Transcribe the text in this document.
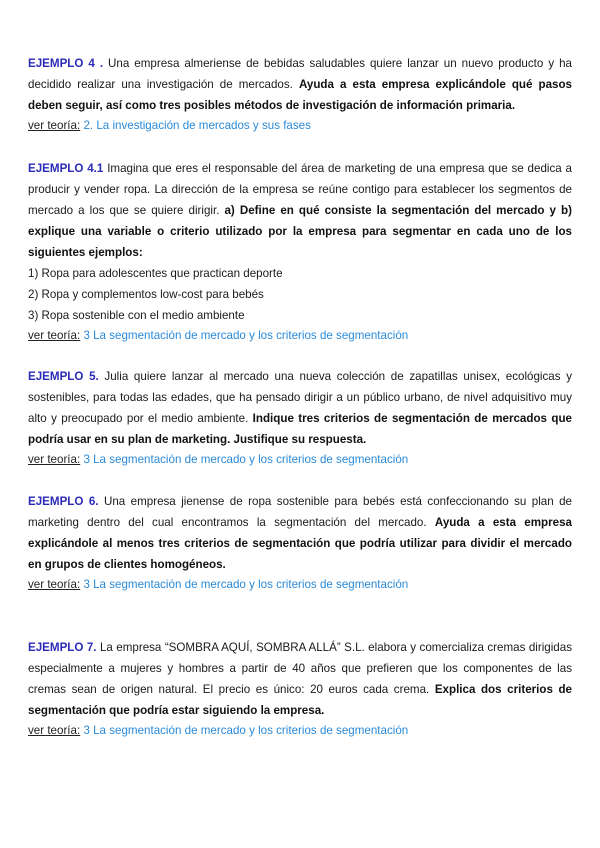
EJEMPLO 4 . Una empresa almeriense de bebidas saludables quiere lanzar un nuevo producto y ha decidido realizar una investigación de mercados. Ayuda a esta empresa explicándole qué pasos deben seguir, así como tres posibles métodos de investigación de información primaria.

ver teoría: 2. La investigación de mercados y sus fases

EJEMPLO 4.1 Imagina que eres el responsable del área de marketing de una empresa que se dedica a producir y vender ropa. La dirección de la empresa se reúne contigo para establecer los segmentos de mercado a los que se quiere dirigir. a) Define en qué consiste la segmentación del mercado y b) explique una variable o criterio utilizado por la empresa para segmentar en cada uno de los siguientes ejemplos:

1) Ropa para adolescentes que practican deporte
2) Ropa y complementos low-cost para bebés
3) Ropa sostenible con el medio ambiente

ver teoría: 3 La segmentación de mercado y los criterios de segmentación

EJEMPLO 5. Julia quiere lanzar al mercado una nueva colección de zapatillas unisex, ecológicas y sostenibles, para todas las edades, que ha pensado dirigir a un público urbano, de nivel adquisitivo muy alto y preocupado por el medio ambiente. Indique tres criterios de segmentación de mercados que podría usar en su plan de marketing. Justifique su respuesta.

ver teoría: 3 La segmentación de mercado y los criterios de segmentación

EJEMPLO 6. Una empresa jienense de ropa sostenible para bebés está confeccionando su plan de marketing dentro del cual encontramos la segmentación del mercado. Ayuda a esta empresa explicándole al menos tres criterios de segmentación que podría utilizar para dividir el mercado en grupos de clientes homogéneos.

ver teoría: 3 La segmentación de mercado y los criterios de segmentación

EJEMPLO 7. La empresa “SOMBRA AQUÍ, SOMBRA ALLÁ” S.L. elabora y comercializa cremas dirigidas especialmente a mujeres y hombres a partir de 40 años que prefieren que los componentes de las cremas sean de origen natural. El precio es único: 20 euros cada crema. Explica dos criterios de segmentación que podría estar siguiendo la empresa.

ver teoría: 3 La segmentación de mercado y los criterios de segmentación
